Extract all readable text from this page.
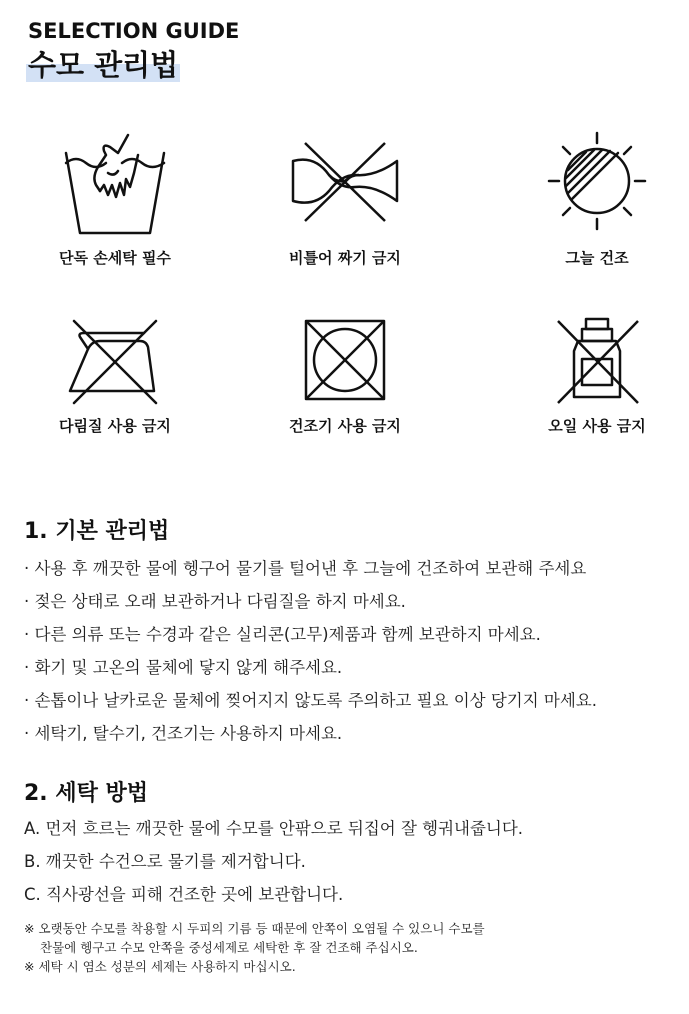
SELECTION GUIDE
수모 관리법
단독 손세탁 필수	비틀어 짜기 금지	그늘 건조
다림질 사용 금지	건조기 사용 금지	오일 사용 금지
1. 기본 관리법
· 사용 후 깨끗한 물에 헹구어 물기를 털어낸 후 그늘에 건조하여 보관해 주세요
· 젖은 상태로 오래 보관하거나 다림질을 하지 마세요.
· 다른 의류 또는 수경과 같은 실리콘(고무)제품과 함께 보관하지 마세요.
· 화기 및 고온의 물체에 닿지 않게 해주세요.
· 손톱이나 날카로운 물체에 찢어지지 않도록 주의하고 필요 이상 당기지 마세요.
· 세탁기, 탈수기, 건조기는 사용하지 마세요.
2. 세탁 방법
A. 먼저 흐르는 깨끗한 물에 수모를 안팎으로 뒤집어 잘 헹궈내줍니다.
B. 깨끗한 수건으로 물기를 제거합니다.
C. 직사광선을 피해 건조한 곳에 보관합니다.
※ 오랫동안 수모를 착용할 시 두피의 기름 등 때문에 안쪽이 오염될 수 있으니 수모를
찬물에 헹구고 수모 안쪽을 중성세제로 세탁한 후 잘 건조해 주십시오.
※ 세탁 시 염소 성분의 세제는 사용하지 마십시오.
